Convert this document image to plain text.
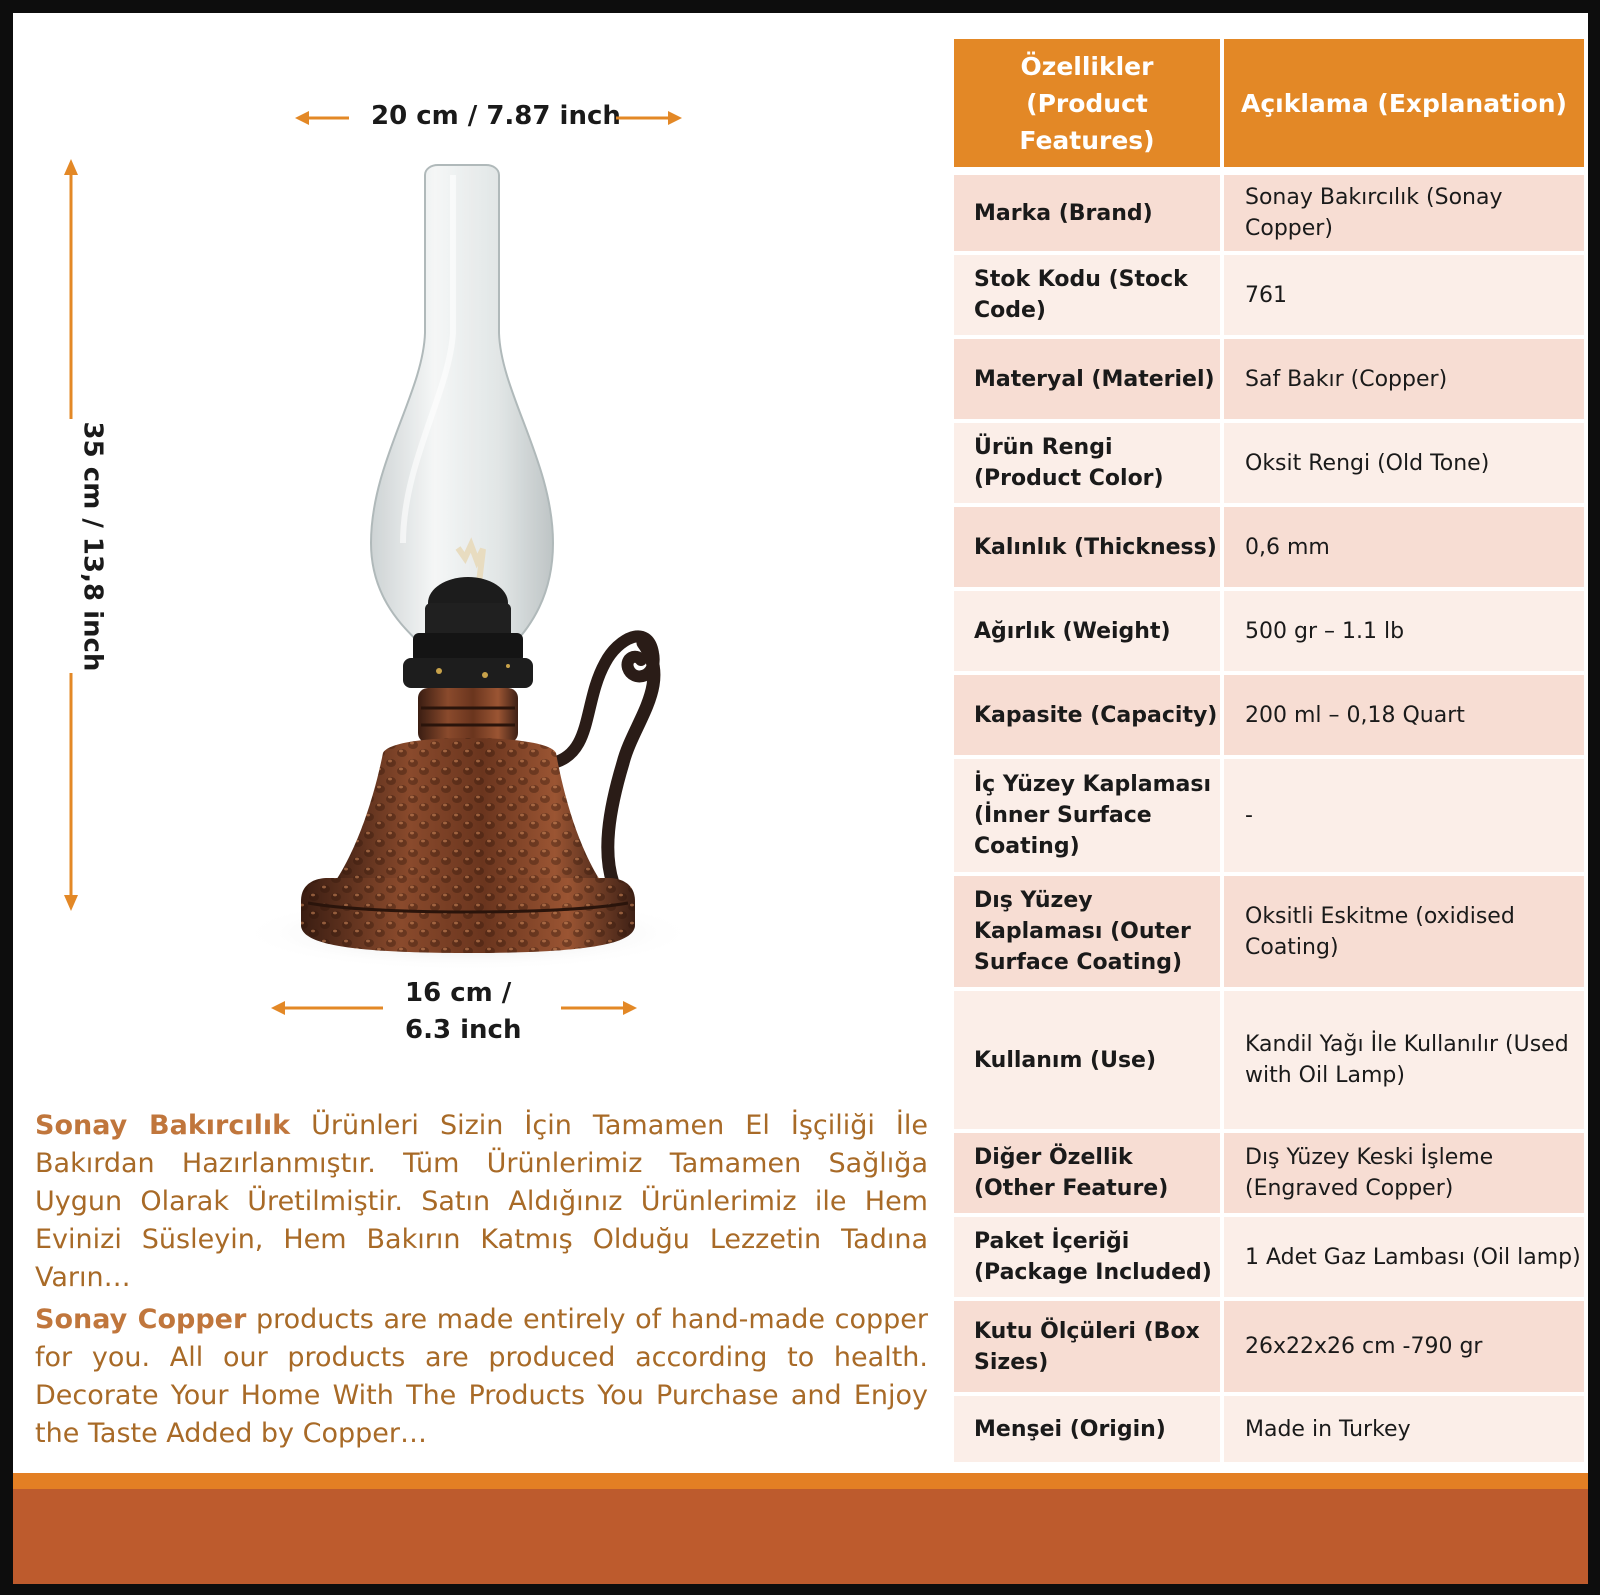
20 cm / 7.87 inch
35 cm / 13,8 inch
16 cm /
6.3 inch

Sonay Bakırcılık Ürünleri Sizin İçin Tamamen El İşçiliği İle Bakırdan Hazırlanmıştır. Tüm Ürünlerimiz Tamamen Sağlığa Uygun Olarak Üretilmiştir. Satın Aldığınız Ürünlerimiz ile Hem Evinizi Süsleyin, Hem Bakırın Katmış Olduğu Lezzetin Tadına Varın…

Sonay Copper products are made entirely of hand-made copper for you. All our products are produced according to health. Decorate Your Home With The Products You Purchase and Enjoy the Taste Added by Copper…

Özellikler (Product Features)	Açıklama (Explanation)
Marka (Brand)	Sonay Bakırcılık (Sonay Copper)
Stok Kodu (Stock Code)	761
Materyal (Materiel)	Saf Bakır (Copper)
Ürün Rengi (Product Color)	Oksit Rengi (Old Tone)
Kalınlık (Thickness)	0,6 mm
Ağırlık (Weight)	500 gr – 1.1 lb
Kapasite (Capacity)	200 ml – 0,18 Quart
İç Yüzey Kaplaması (İnner Surface Coating)	-
Dış Yüzey Kaplaması (Outer Surface Coating)	Oksitli Eskitme (oxidised Coating)
Kullanım (Use)	Kandil Yağı İle Kullanılır (Used with Oil Lamp)
Diğer Özellik (Other Feature)	Dış Yüzey Keski İşleme (Engraved Copper)
Paket İçeriği (Package Included)	1 Adet Gaz Lambası (Oil lamp)
Kutu Ölçüleri (Box Sizes)	26x22x26 cm -790 gr
Menşei (Origin)	Made in Turkey
